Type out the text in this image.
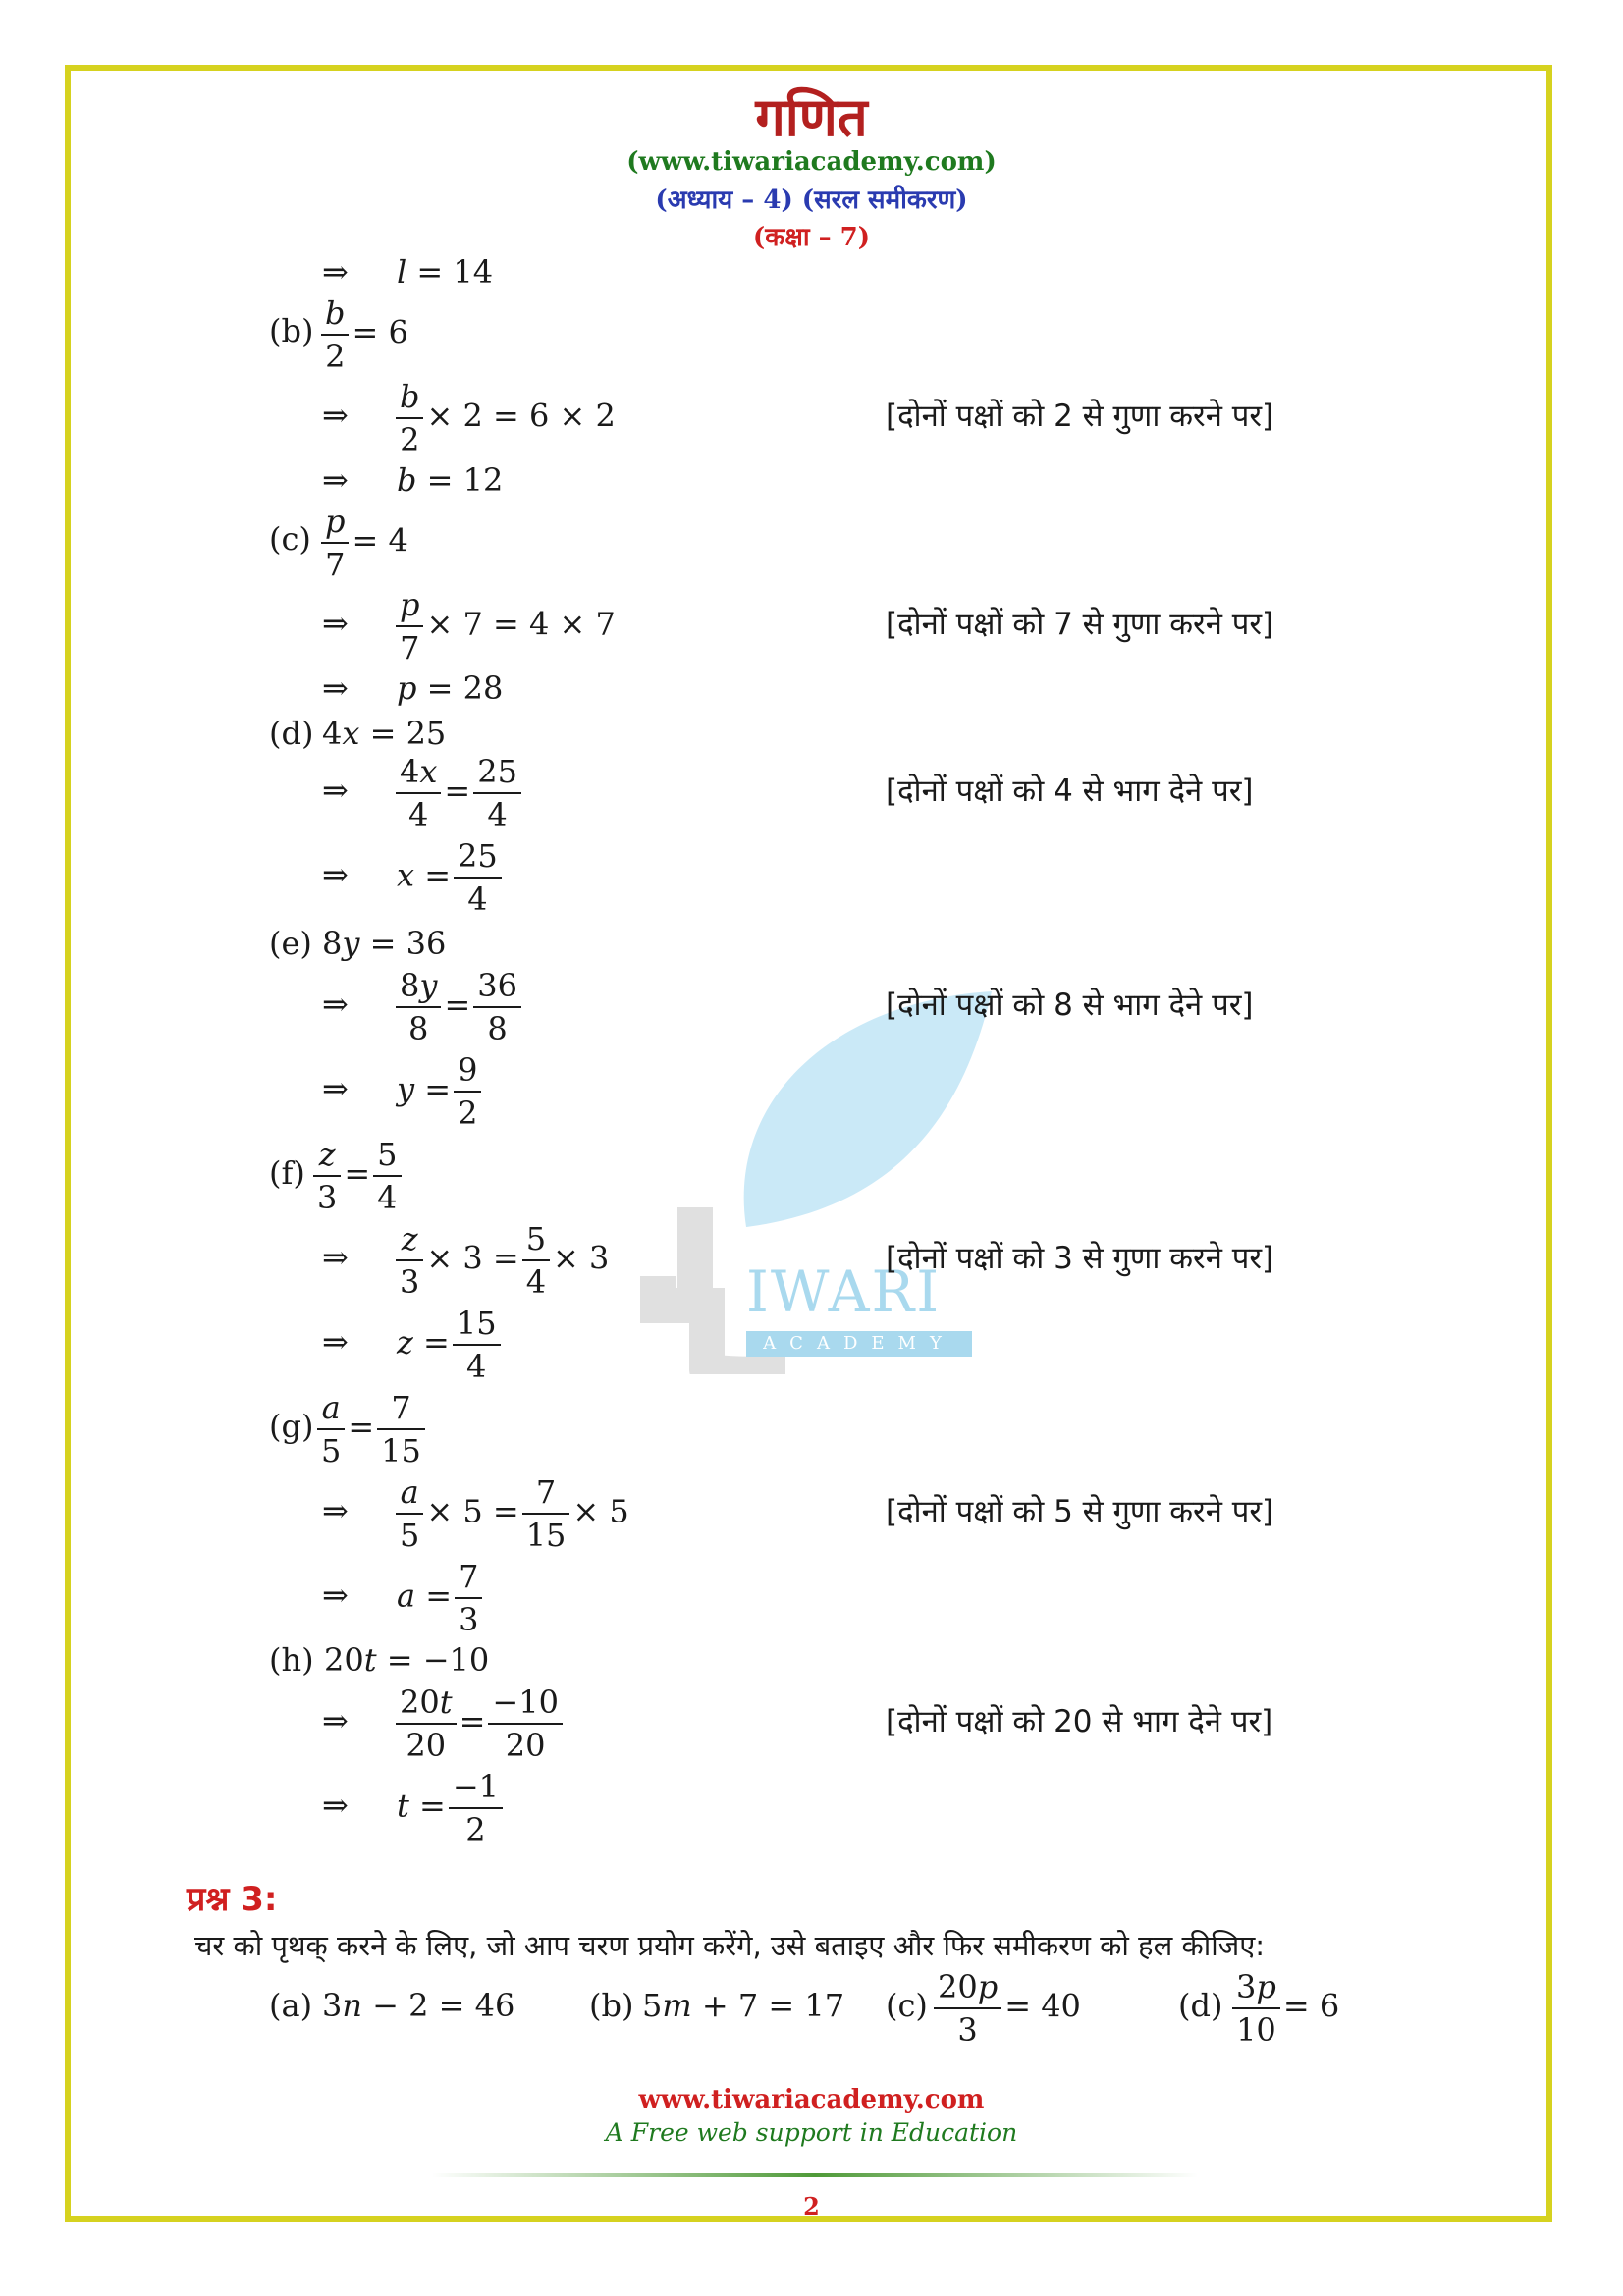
IWARI
ACADEMY
गणित
(www.tiwariacademy.com)
(अध्याय – 4) (सरल समीकरण)
(कक्षा – 7)
⇒ l = 14
$(b) \frac{b}{2} = 6$
⇒ $\frac{b}{2} \times 2 = 6 \times 2$	[दोनों पक्षों को 2 से गुणा करने पर]
⇒ b = 12
$(c) \frac{p}{7} = 4$
⇒ $\frac{p}{7} \times 7 = 4 \times 7$	[दोनों पक्षों को 7 से गुणा करने पर]
⇒ p = 28
(d) 4x = 25
⇒ $\frac{4x}{4} = \frac{25}{4}$	[दोनों पक्षों को 4 से भाग देने पर]
⇒ $x = \frac{25}{4}$
(e) 8y = 36
⇒ $\frac{8y}{8} = \frac{36}{8}$	[दोनों पक्षों को 8 से भाग देने पर]
⇒ $y = \frac{9}{2}$
$(f) \frac{z}{3} = \frac{5}{4}$
⇒ $\frac{z}{3} \times 3 = \frac{5}{4} \times 3$	[दोनों पक्षों को 3 से गुणा करने पर]
⇒ $z = \frac{15}{4}$
$(g) \frac{a}{5} = \frac{7}{15}$
⇒ $\frac{a}{5} \times 5 = \frac{7}{15} \times 5$	[दोनों पक्षों को 5 से गुणा करने पर]
⇒ $a = \frac{7}{3}$
(h) 20t = −10
⇒ $\frac{20t}{20} = \frac{-10}{20}$	[दोनों पक्षों को 20 से भाग देने पर]
⇒ $t = \frac{-1}{2}$
प्रश्न 3:
चर को पृथक् करने के लिए, जो आप चरण प्रयोग करेंगे, उसे बताइए और फिर समीकरण को हल कीजिए:
(a) 3n − 2 = 46 (b) 5m + 7 = 17 $(c) \frac{20p}{3} = 40$	$(d) \frac{3p}{10} = 6$
www.tiwariacademy.com
A Free web support in Education
2
